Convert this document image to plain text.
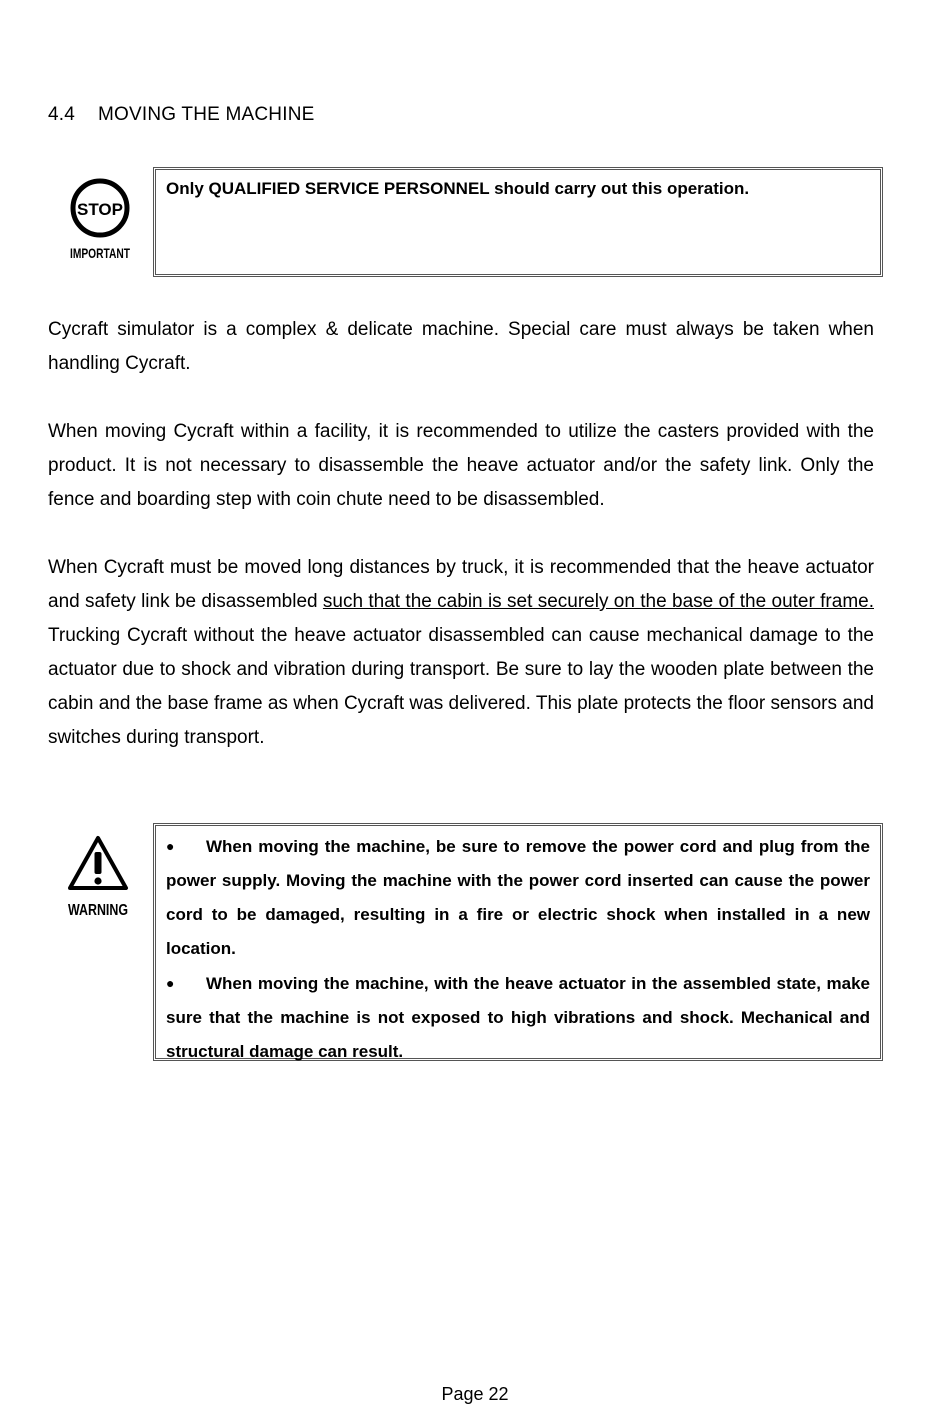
4.4 MOVING THE MACHINE
STOP
IMPORTANT
Only QUALIFIED SERVICE PERSONNEL should carry out this operation.

Cycraft simulator is a complex & delicate machine. Special care must always be taken when handling Cycraft.

When moving Cycraft within a facility, it is recommended to utilize the casters provided with the product. It is not necessary to disassemble the heave actuator and/or the safety link. Only the fence and boarding step with coin chute need to be disassembled.

When Cycraft must be moved long distances by truck, it is recommended that the heave actuator and safety link be disassembled such that the cabin is set securely on the base of the outer frame. Trucking Cycraft without the heave actuator disassembled can cause mechanical damage to the actuator due to shock and vibration during transport. Be sure to lay the wooden plate between the cabin and the base frame as when Cycraft was delivered. This plate protects the floor sensors and switches during transport.

WARNING
● When moving the machine, be sure to remove the power cord and plug from the power supply. Moving the machine with the power cord inserted can cause the power cord to be damaged, resulting in a fire or electric shock when installed in a new location.
● When moving the machine, with the heave actuator in the assembled state, make sure that the machine is not exposed to high vibrations and shock. Mechanical and structural damage can result.
Page 22
